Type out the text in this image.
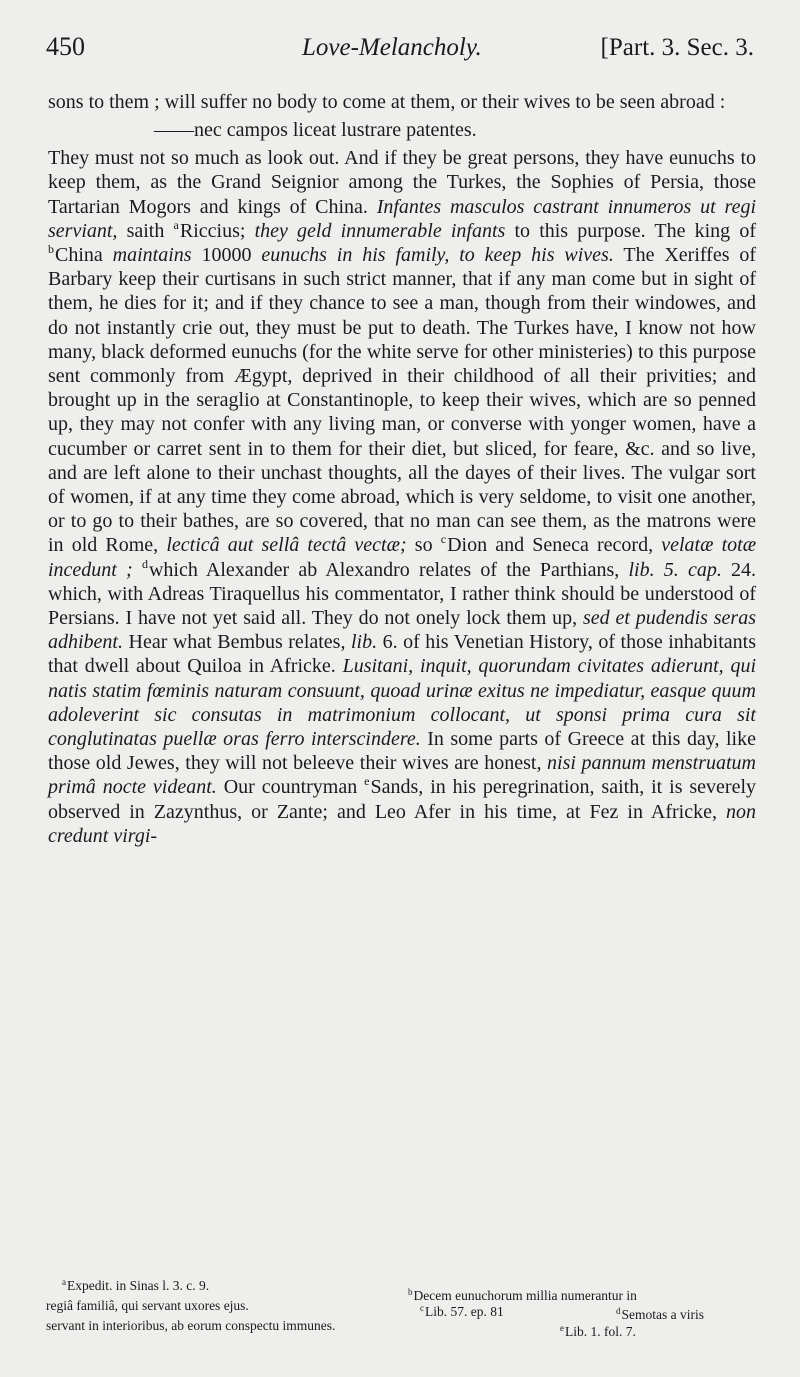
450	Love-Melancholy.	[Part. 3. Sec. 3.

sons to them ; will suffer no body to come at them, or their wives to be seen abroad :

——nec campos liceat lustrare patentes.

They must not so much as look out. And if they be great persons, they have eunuchs to keep them, as the Grand Seignior among the Turkes, the Sophies of Persia, those Tartarian Mogors and kings of China. Infantes masculos castrant innumeros ut regi serviant, saith $^a$Riccius; they geld innumerable infants to this purpose. The king of $^b$China maintains 10000 eunuchs in his family, to keep his wives. The Xeriffes of Barbary keep their curtisans in such strict manner, that if any man come but in sight of them, he dies for it; and if they chance to see a man, though from their windowes, and do not instantly crie out, they must be put to death. The Turkes have, I know not how many, black deformed eunuchs (for the white serve for other ministeries) to this purpose sent commonly from Ægypt, deprived in their childhood of all their privities; and brought up in the seraglio at Constantinople, to keep their wives, which are so penned up, they may not confer with any living man, or converse with yonger women, have a cucumber or carret sent in to them for their diet, but sliced, for feare, &c. and so live, and are left alone to their unchast thoughts, all the dayes of their lives. The vulgar sort of women, if at any time they come abroad, which is very seldome, to visit one another, or to go to their bathes, are so covered, that no man can see them, as the matrons were in old Rome, lecticâ aut sellâ tectâ vectæ; so $^c$Dion and Seneca record, velatæ totæ incedunt ; $^d$which Alexander ab Alexandro relates of the Parthians, lib. 5. cap. 24. which, with Adreas Tiraquellus his commentator, I rather think should be understood of Persians. I have not yet said all. They do not onely lock them up, sed et pudendis seras adhibent. Hear what Bembus relates, lib. 6. of his Venetian History, of those inhabitants that dwell about Quiloa in Africke. Lusitani, inquit, quorundam civitates adierunt, qui natis statim fœminis naturam consuunt, quoad urinæ exitus ne impediatur, easque quum adoleverint sic consutas in matrimonium collocant, ut sponsi prima cura sit conglutinatas puellæ oras ferro interscindere. In some parts of Greece at this day, like those old Jewes, they will not beleeve their wives are honest, nisi pannum menstruatum primâ nocte videant. Our countryman $^e$Sands, in his peregrination, saith, it is severely observed in Zazynthus, or Zante; and Leo Afer in his time, at Fez in Africke, non credunt virgi-

$^a$Expedit. in Sinas l. 3. c. 9.	$^b$Decem eunuchorum millia numerantur in
regiâ familiâ, qui servant uxores ejus.	$^c$Lib. 57. ep. 81	$^d$Semotas a viris
servant in interioribus, ab eorum conspectu immunes.	$^e$Lib. 1. fol. 7.
